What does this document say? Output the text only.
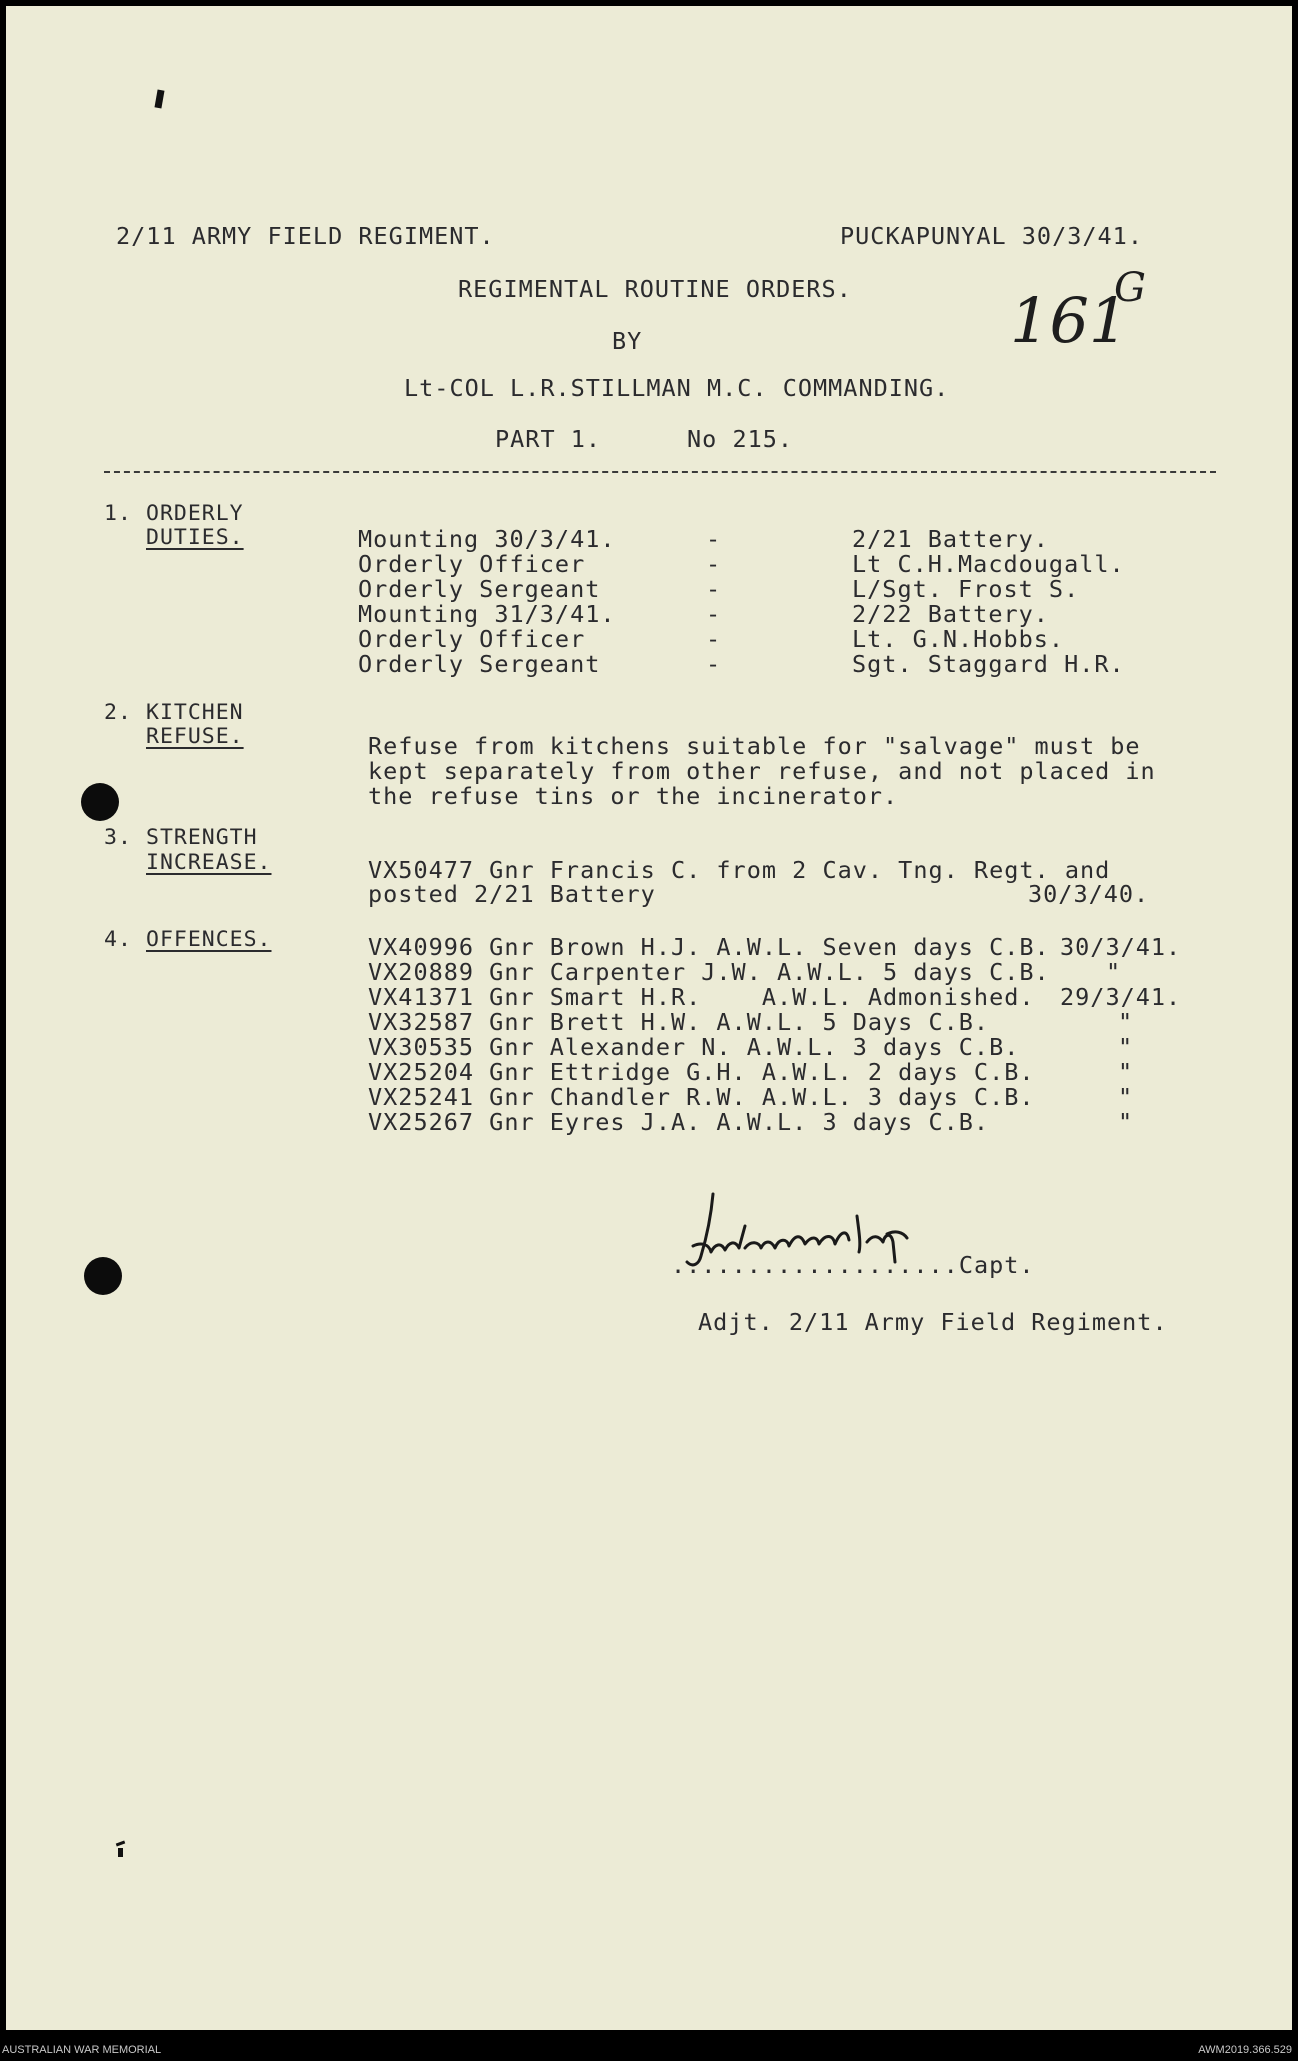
2/11 ARMY FIELD REGIMENT.	PUCKAPUNYAL 30/3/41.
REGIMENTAL ROUTINE ORDERS.
BY
Lt-COL L.R.STILLMAN M.C. COMMANDING.
PART 1.	No 215.
161
G
1. ORDERLY
DUTIES.	Mounting 30/3/41.	-	2/21 Battery.
Orderly Officer	-	Lt C.H.Macdougall.
Orderly Sergeant	-	L/Sgt. Frost S.
Mounting 31/3/41.	-	2/22 Battery.
Orderly Officer	-	Lt. G.N.Hobbs.
Orderly Sergeant	-	Sgt. Staggard H.R.
2. KITCHEN
REFUSE.	Refuse from kitchens suitable for "salvage" must be
kept separately from other refuse, and not placed in
the refuse tins or the incinerator.
3. STRENGTH
INCREASE.	VX50477 Gnr Francis C. from 2 Cav. Tng. Regt. and
posted 2/21 Battery	30/3/40.
4. OFFENCES.	VX40996 Gnr Brown H.J. A.W.L. Seven days C.B. 30/3/41.
VX20889 Gnr Carpenter J.W. A.W.L. 5 days C.B. "
VX41371 Gnr Smart H.R.    A.W.L. Admonished. 29/3/41.
VX32587 Gnr Brett H.W. A.W.L. 5 Days C.B.	"
VX30535 Gnr Alexander N. A.W.L. 3 days C.B.	"
VX25204 Gnr Ettridge G.H. A.W.L. 2 days C.B.	"
VX25241 Gnr Chandler R.W. A.W.L. 3 days C.B.	"
VX25267 Gnr Eyres J.A. A.W.L. 3 days C.B.	"
...................Capt.
Adjt. 2/11 Army Field Regiment.
AUSTRALIAN WAR MEMORIAL	AWM2019.366.529
